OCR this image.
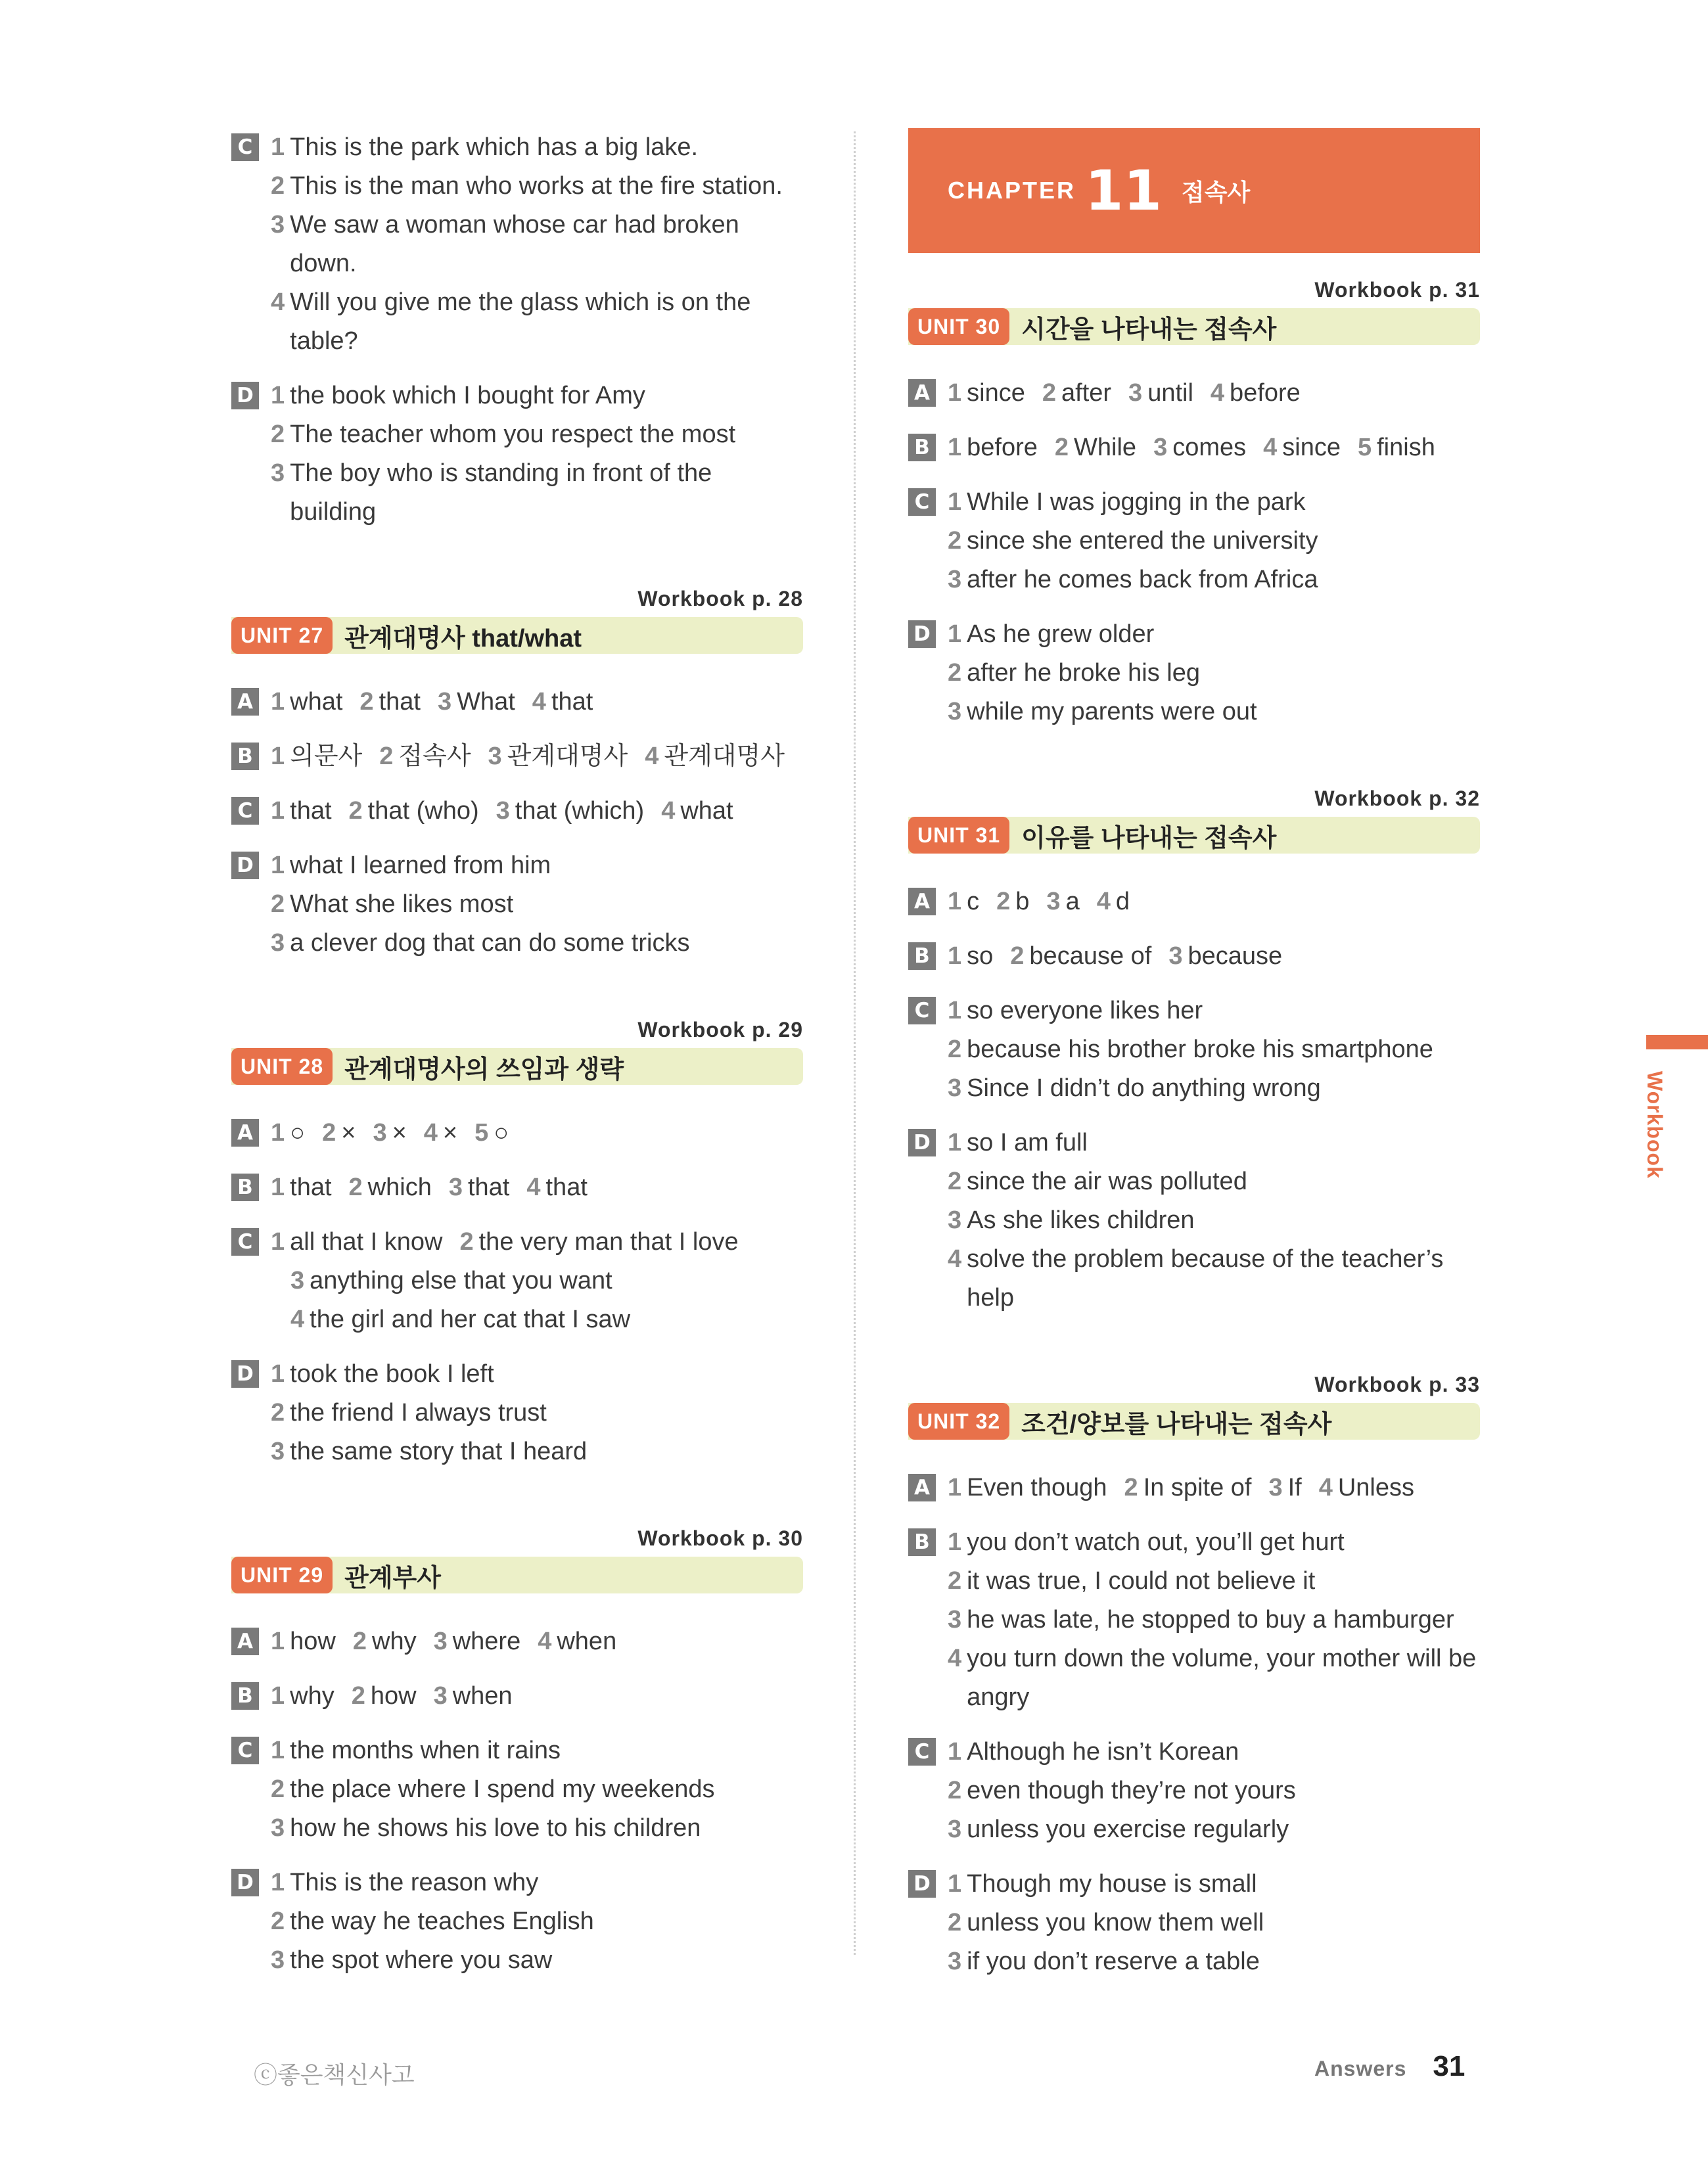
C 1 This is the park which has a big lake.
2 This is the man who works at the fire station.
3 We saw a woman whose car had broken down.
4 Will you give me the glass which is on the table?
D 1 the book which I bought for Amy
2 The teacher whom you respect the most
3 The boy who is standing in front of the building
Workbook p. 28
UNIT 27 관계대명사 that/what
A 1 what 2 that 3 What 4 that
B 1 의문사 2 접속사 3 관계대명사 4 관계대명사
C 1 that 2 that (who) 3 that (which) 4 what
D 1 what I learned from him
2 What she likes most
3 a clever dog that can do some tricks
Workbook p. 29
UNIT 28 관계대명사의 쓰임과 생략
A 1 ○ 2 × 3 × 4 × 5 ○
B 1 that 2 which 3 that 4 that
C 1 all that I know 2 the very man that I love
3 anything else that you want
4 the girl and her cat that I saw
D 1 took the book I left
2 the friend I always trust
3 the same story that I heard
Workbook p. 30
UNIT 29 관계부사
A 1 how 2 why 3 where 4 when
B 1 why 2 how 3 when
C 1 the months when it rains
2 the place where I spend my weekends
3 how he shows his love to his children
D 1 This is the reason why
2 the way he teaches English
3 the spot where you saw
CHAPTER 11 접속사
Workbook p. 31
UNIT 30 시간을 나타내는 접속사
A 1 since 2 after 3 until 4 before
B 1 before 2 While 3 comes 4 since 5 finish
C 1 While I was jogging in the park
2 since she entered the university
3 after he comes back from Africa
D 1 As he grew older
2 after he broke his leg
3 while my parents were out
Workbook p. 32
UNIT 31 이유를 나타내는 접속사
A 1 c 2 b 3 a 4 d
B 1 so 2 because of 3 because
C 1 so everyone likes her
2 because his brother broke his smartphone
3 Since I didn’t do anything wrong
D 1 so I am full
2 since the air was polluted
3 As she likes children
4 solve the problem because of the teacher’s help
Workbook p. 33
UNIT 32 조건/양보를 나타내는 접속사
A 1 Even though 2 In spite of 3 If 4 Unless
B 1 you don’t watch out, you’ll get hurt
2 it was true, I could not believe it
3 he was late, he stopped to buy a hamburger
4 you turn down the volume, your mother will be angry
C 1 Although he isn’t Korean
2 even though they’re not yours
3 unless you exercise regularly
D 1 Though my house is small
2 unless you know them well
3 if you don’t reserve a table
Workbook
ⓒ좋은책신사고	Answers 31
